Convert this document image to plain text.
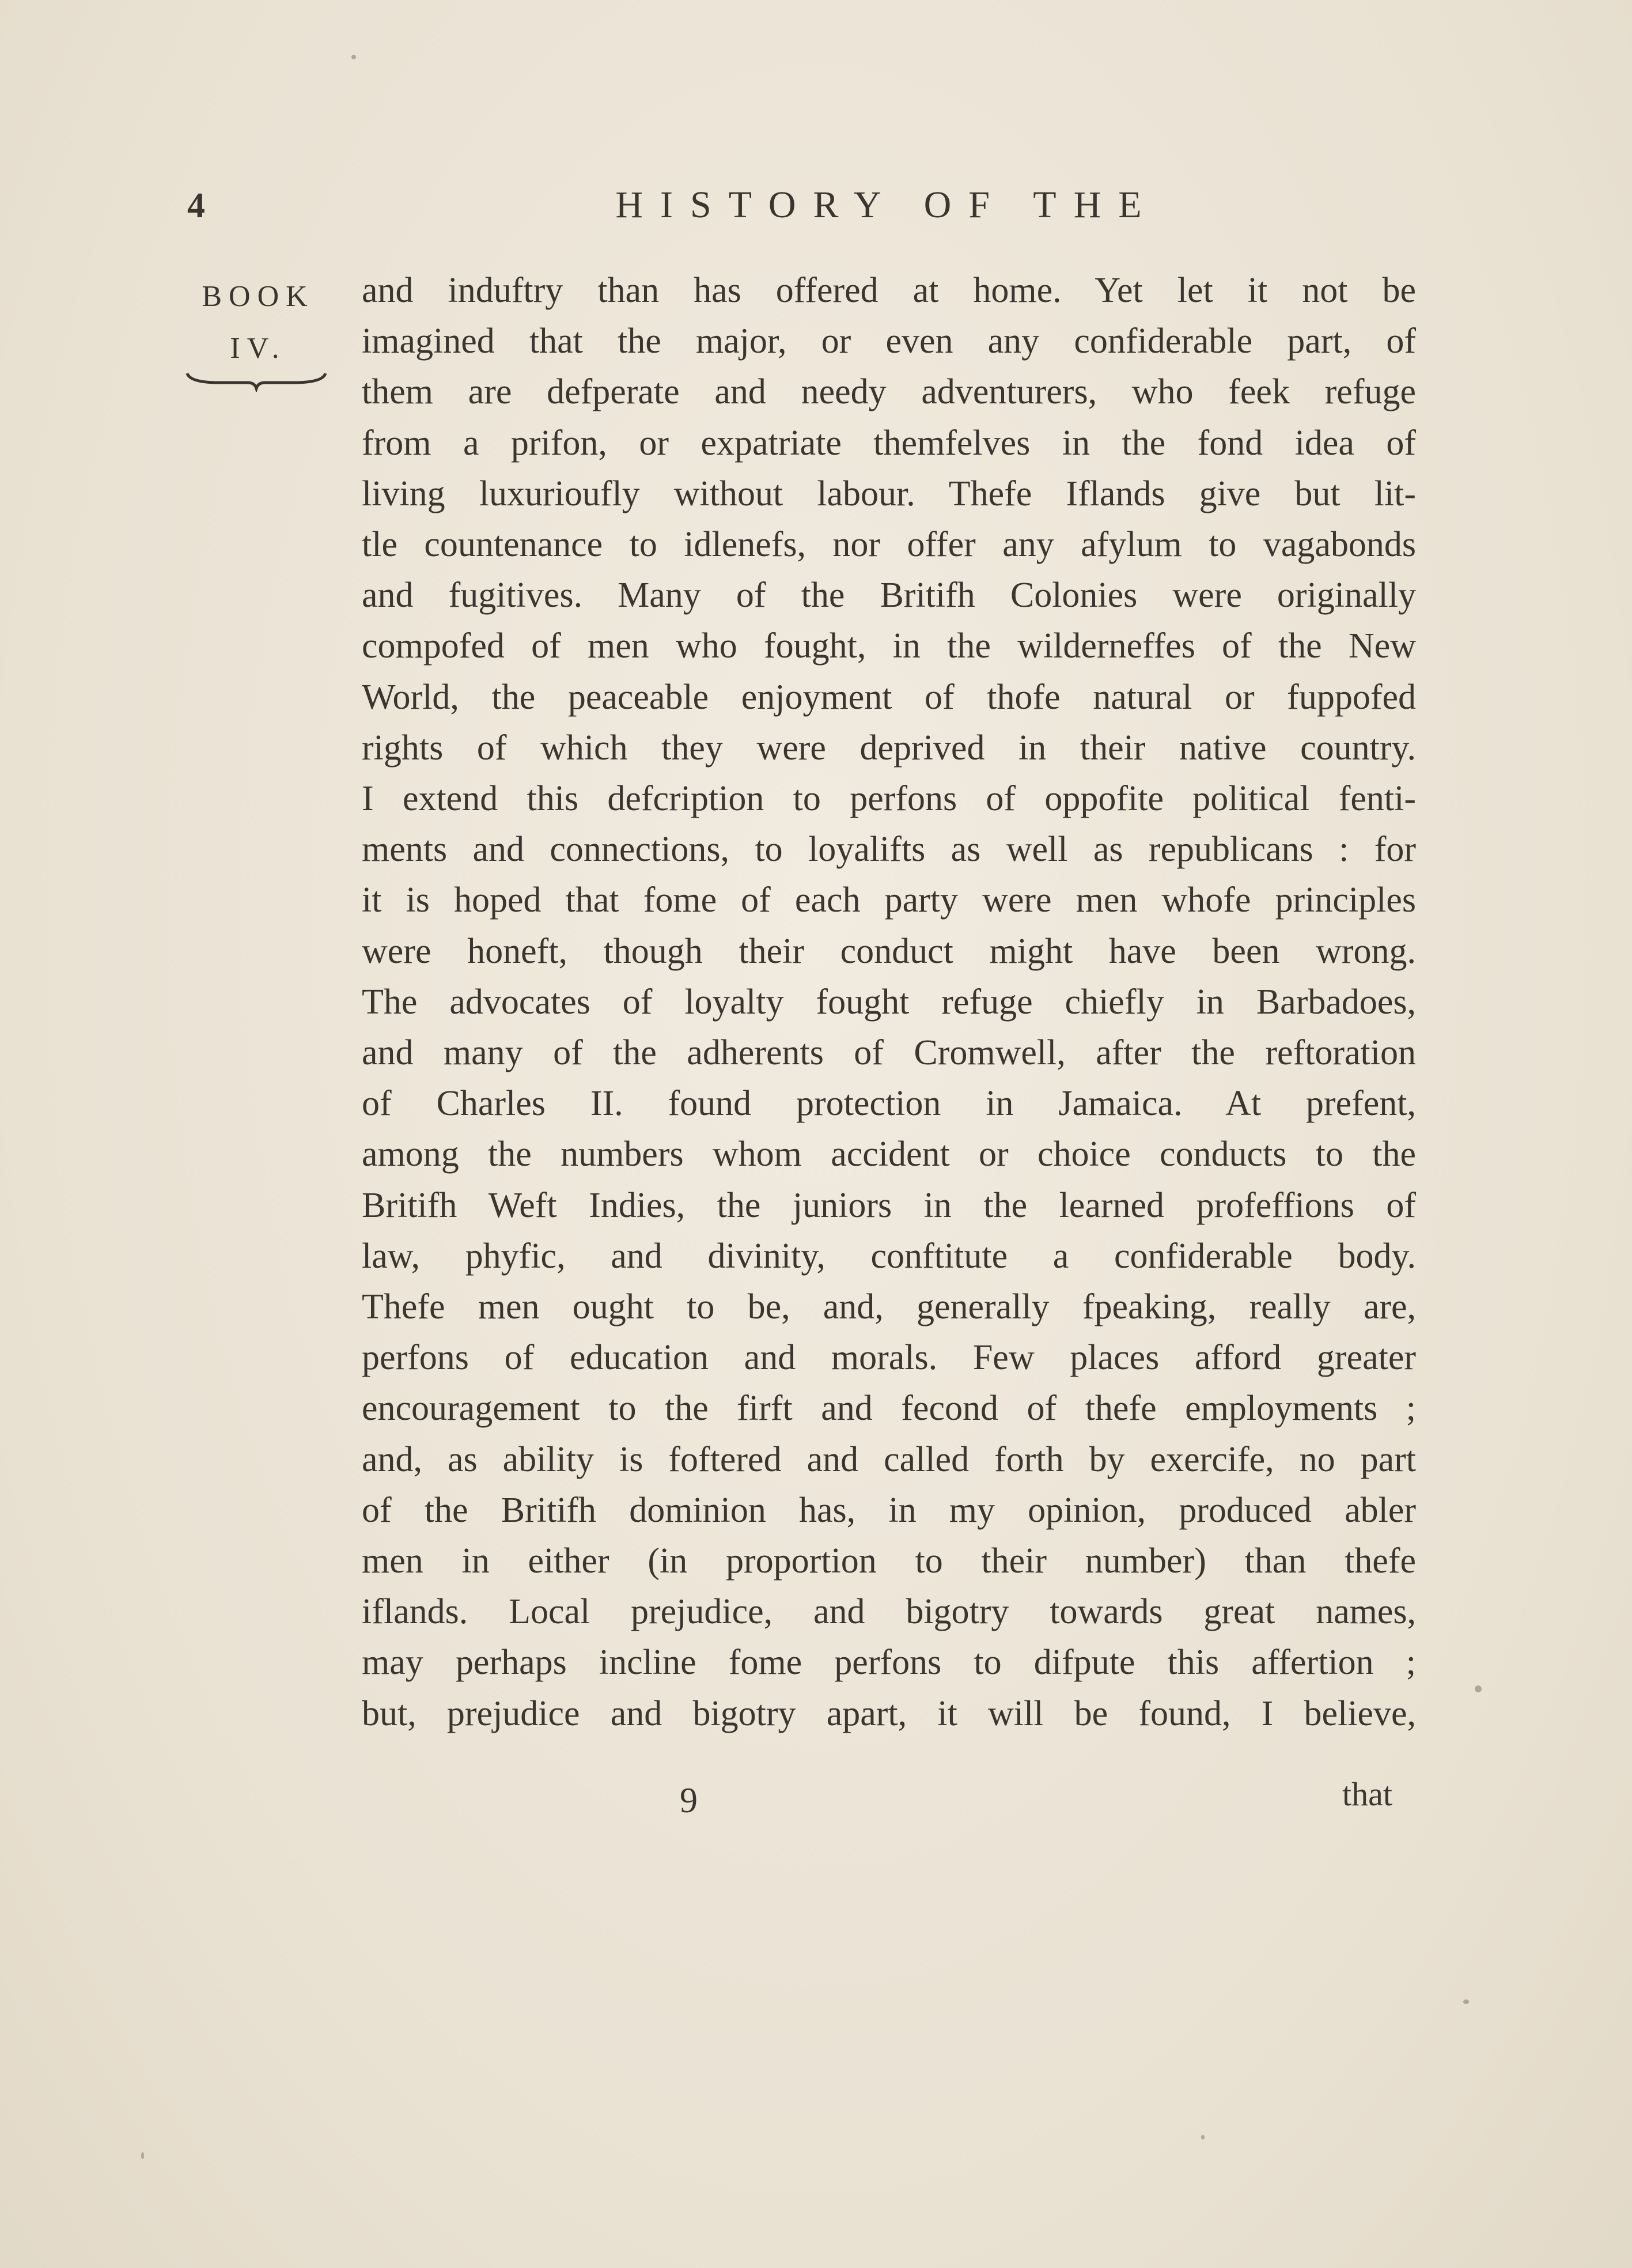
4	HISTORY OF THE
BOOK
IV.
and induftry than has offered at home. Yet let it not be
imagined that the major, or even any confiderable part, of
them are defperate and needy adventurers, who feek refuge
from a prifon, or expatriate themfelves in the fond idea of
living luxurioufly without labour. Thefe Iflands give but lit-
tle countenance to idlenefs, nor offer any afylum to vagabonds
and fugitives. Many of the Britifh Colonies were originally
compofed of men who fought, in the wilderneffes of the New
World, the peaceable enjoyment of thofe natural or fuppofed
rights of which they were deprived in their native country.
I extend this defcription to perfons of oppofite political fenti-
ments and connections, to loyalifts as well as republicans : for
it is hoped that fome of each party were men whofe principles
were honeft, though their conduct might have been wrong.
The advocates of loyalty fought refuge chiefly in Barbadoes,
and many of the adherents of Cromwell, after the reftoration
of Charles II. found protection in Jamaica. At prefent,
among the numbers whom accident or choice conducts to the
Britifh Weft Indies, the juniors in the learned profeffions of
law, phyfic, and divinity, conftitute a confiderable body.
Thefe men ought to be, and, generally fpeaking, really are,
perfons of education and morals. Few places afford greater
encouragement to the firft and fecond of thefe employments ;
and, as ability is foftered and called forth by exercife, no part
of the Britifh dominion has, in my opinion, produced abler
men in either (in proportion to their number) than thefe
iflands. Local prejudice, and bigotry towards great names,
may perhaps incline fome perfons to difpute this affertion ;
but, prejudice and bigotry apart, it will be found, I believe,
9	that
